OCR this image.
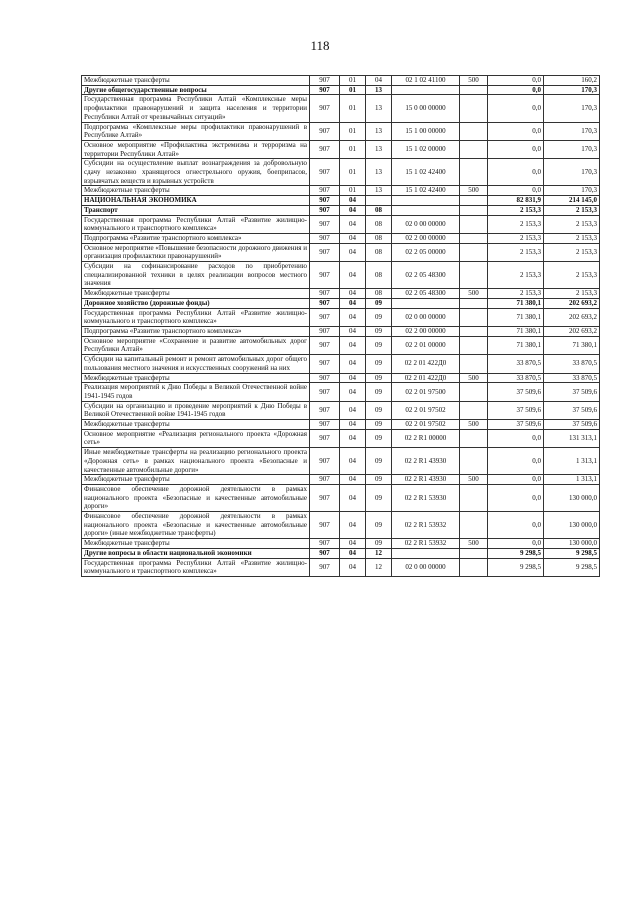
118
Межбюджетные трансферты	907	01	04	02 1 02 41100	500	0,0	160,2
Другие общегосударственные вопросы	907	01	13			0,0	170,3
Государственная программа Республики Алтай «Комплексные меры профилактики правонарушений и защита населения и территории Республики Алтай от чрезвычайных ситуаций»	907	01	13	15 0 00 00000		0,0	170,3
Подпрограмма «Комплексные меры профилактики правонарушений в Республике Алтай»	907	01	13	15 1 00 00000		0,0	170,3
Основное мероприятие «Профилактика экстремизма и терроризма на территории Республики Алтай»	907	01	13	15 1 02 00000		0,0	170,3
Субсидии на осуществление выплат вознаграждения за добровольную сдачу незаконно хранящегося огнестрельного оружия, боеприпасов, взрывчатых веществ и взрывных устройств	907	01	13	15 1 02 42400		0,0	170,3
Межбюджетные трансферты	907	01	13	15 1 02 42400	500	0,0	170,3
НАЦИОНАЛЬНАЯ ЭКОНОМИКА	907	04				82 831,9	214 145,0
Транспорт	907	04	08			2 153,3	2 153,3
Государственная программа Республики Алтай «Развитие жилищно-коммунального и транспортного комплекса»	907	04	08	02 0 00 00000		2 153,3	2 153,3
Подпрограмма «Развитие транспортного комплекса»	907	04	08	02 2 00 00000		2 153,3	2 153,3
Основное мероприятие «Повышение безопасности дорожного движения и организация профилактики правонарушений»	907	04	08	02 2 05 00000		2 153,3	2 153,3
Субсидии на софинансирование расходов по приобретению специализированной техники в целях реализации вопросов местного значения	907	04	08	02 2 05 48300		2 153,3	2 153,3
Межбюджетные трансферты	907	04	08	02 2 05 48300	500	2 153,3	2 153,3
Дорожное хозяйство (дорожные фонды)	907	04	09			71 380,1	202 693,2
Государственная программа Республики Алтай «Развитие жилищно-коммунального и транспортного комплекса»	907	04	09	02 0 00 00000		71 380,1	202 693,2
Подпрограмма «Развитие транспортного комплекса»	907	04	09	02 2 00 00000		71 380,1	202 693,2
Основное мероприятие «Сохранение и развитие автомобильных дорог Республики Алтай»	907	04	09	02 2 01 00000		71 380,1	71 380,1
Субсидии на капитальный ремонт и ремонт автомобильных дорог общего пользования местного значения и искусственных сооружений на них	907	04	09	02 2 01 422Д0		33 870,5	33 870,5
Межбюджетные трансферты	907	04	09	02 2 01 422Д0	500	33 870,5	33 870,5
Реализация мероприятий к Дню Победы в Великой Отечественной войне 1941-1945 годов	907	04	09	02 2 01 97500		37 509,6	37 509,6
Субсидии на организацию и проведение мероприятий к Дню Победы в Великой Отечественной войне 1941-1945 годов	907	04	09	02 2 01 97502		37 509,6	37 509,6
Межбюджетные трансферты	907	04	09	02 2 01 97502	500	37 509,6	37 509,6
Основное мероприятие «Реализация регионального проекта «Дорожная сеть»	907	04	09	02 2 R1 00000		0,0	131 313,1
Иные межбюджетные трансферты на реализацию регионального проекта «Дорожная сеть» в рамках национального проекта «Безопасные и качественные автомобильные дороги»	907	04	09	02 2 R1 43930		0,0	1 313,1
Межбюджетные трансферты	907	04	09	02 2 R1 43930	500	0,0	1 313,1
Финансовое обеспечение дорожной деятельности в рамках национального проекта «Безопасные и качественные автомобильные дороги»	907	04	09	02 2 R1 53930		0,0	130 000,0
Финансовое обеспечение дорожной деятельности в рамках национального проекта «Безопасные и качественные автомобильные дороги» (иные межбюджетные трансферты)	907	04	09	02 2 R1 53932		0,0	130 000,0
Межбюджетные трансферты	907	04	09	02 2 R1 53932	500	0,0	130 000,0
Другие вопросы в области национальной экономики	907	04	12			9 298,5	9 298,5
Государственная программа Республики Алтай «Развитие жилищно-коммунального и транспортного комплекса»	907	04	12	02 0 00 00000		9 298,5	9 298,5
